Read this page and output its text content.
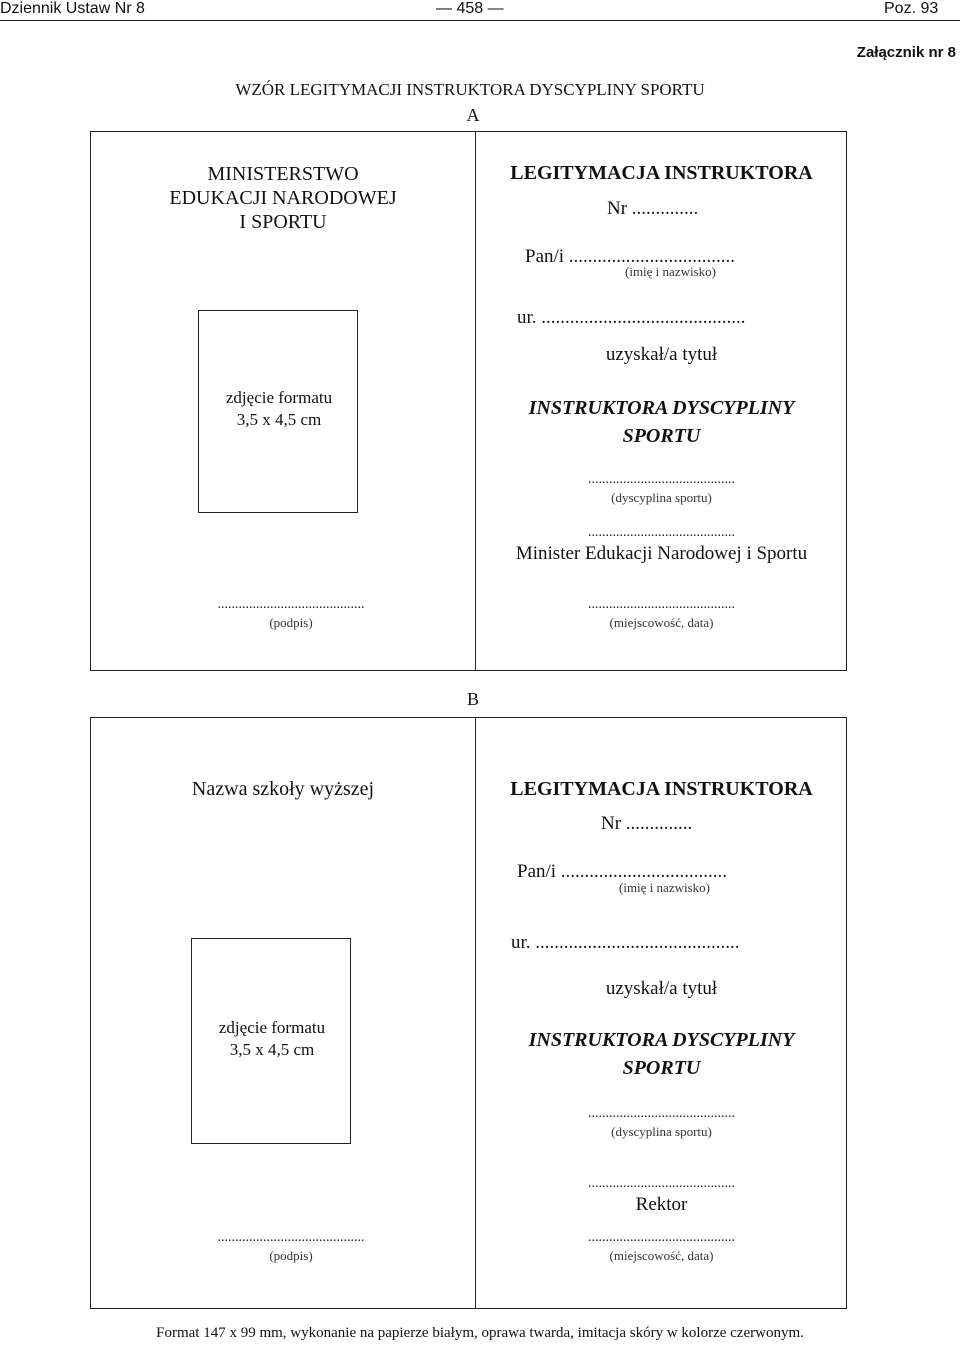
Dziennik Ustaw Nr 8	— 458 —	Poz. 93
Załącznik nr 8
WZÓR LEGITYMACJI INSTRUKTORA DYSCYPLINY SPORTU
A
MINISTERSTWO
EDUKACJI NARODOWEJ
I SPORTU
zdjęcie formatu
3,5 x 4,5 cm
..........................................
(podpis)
LEGITYMACJA INSTRUKTORA
Nr ..............
Pan/i ...................................
(imię i nazwisko)
ur. ...........................................
uzyskał/a tytuł
INSTRUKTORA DYSCYPLINY
SPORTU
..........................................
(dyscyplina sportu)
..........................................
Minister Edukacji Narodowej i Sportu
..........................................
(miejscowość, data)
B
Nazwa szkoły wyższej
zdjęcie formatu
3,5 x 4,5 cm
..........................................
(podpis)
LEGITYMACJA INSTRUKTORA
Nr ..............
Pan/i ...................................
(imię i nazwisko)
ur. ...........................................
uzyskał/a tytuł
INSTRUKTORA DYSCYPLINY
SPORTU
..........................................
(dyscyplina sportu)
..........................................
Rektor
..........................................
(miejscowość, data)
Format 147 x 99 mm, wykonanie na papierze białym, oprawa twarda, imitacja skóry w kolorze czerwonym.
